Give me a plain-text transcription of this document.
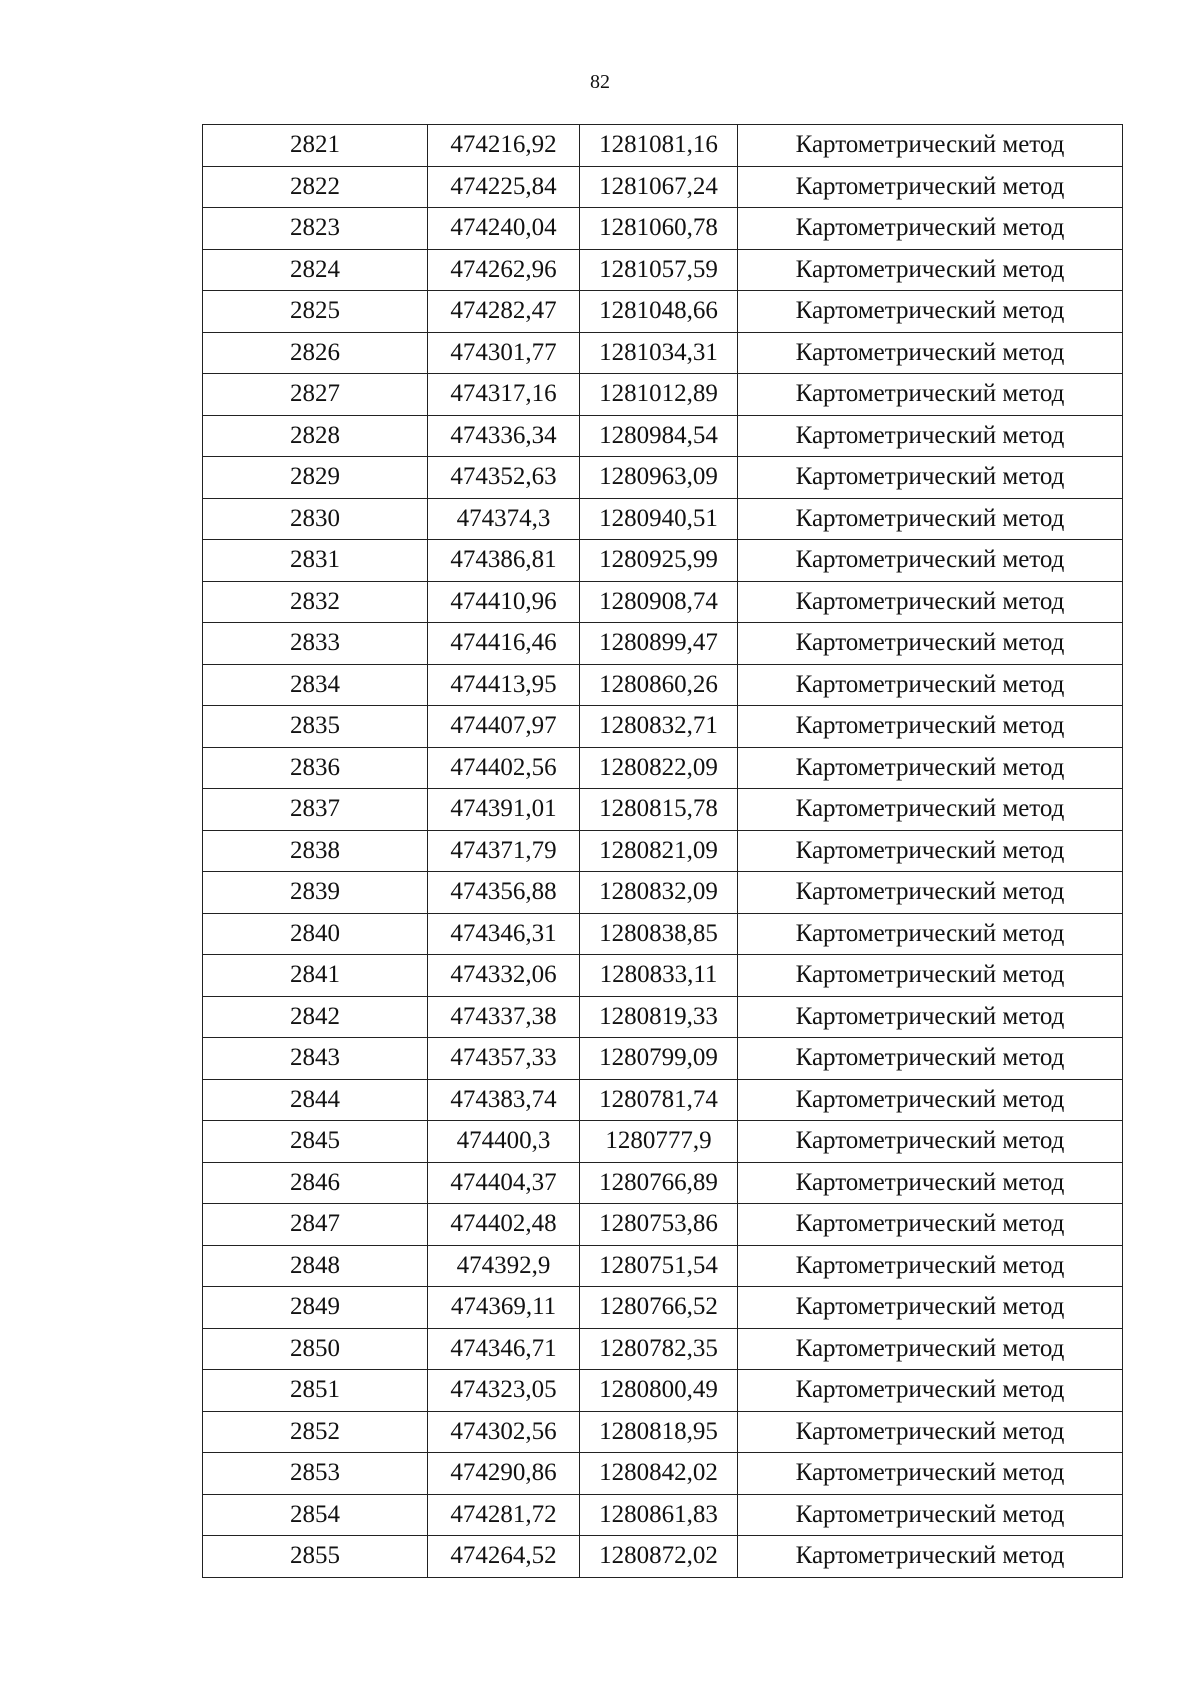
82
2821	474216,92	1281081,16	Картометрический метод
2822	474225,84	1281067,24	Картометрический метод
2823	474240,04	1281060,78	Картометрический метод
2824	474262,96	1281057,59	Картометрический метод
2825	474282,47	1281048,66	Картометрический метод
2826	474301,77	1281034,31	Картометрический метод
2827	474317,16	1281012,89	Картометрический метод
2828	474336,34	1280984,54	Картометрический метод
2829	474352,63	1280963,09	Картометрический метод
2830	474374,3	1280940,51	Картометрический метод
2831	474386,81	1280925,99	Картометрический метод
2832	474410,96	1280908,74	Картометрический метод
2833	474416,46	1280899,47	Картометрический метод
2834	474413,95	1280860,26	Картометрический метод
2835	474407,97	1280832,71	Картометрический метод
2836	474402,56	1280822,09	Картометрический метод
2837	474391,01	1280815,78	Картометрический метод
2838	474371,79	1280821,09	Картометрический метод
2839	474356,88	1280832,09	Картометрический метод
2840	474346,31	1280838,85	Картометрический метод
2841	474332,06	1280833,11	Картометрический метод
2842	474337,38	1280819,33	Картометрический метод
2843	474357,33	1280799,09	Картометрический метод
2844	474383,74	1280781,74	Картометрический метод
2845	474400,3	1280777,9	Картометрический метод
2846	474404,37	1280766,89	Картометрический метод
2847	474402,48	1280753,86	Картометрический метод
2848	474392,9	1280751,54	Картометрический метод
2849	474369,11	1280766,52	Картометрический метод
2850	474346,71	1280782,35	Картометрический метод
2851	474323,05	1280800,49	Картометрический метод
2852	474302,56	1280818,95	Картометрический метод
2853	474290,86	1280842,02	Картометрический метод
2854	474281,72	1280861,83	Картометрический метод
2855	474264,52	1280872,02	Картометрический метод
